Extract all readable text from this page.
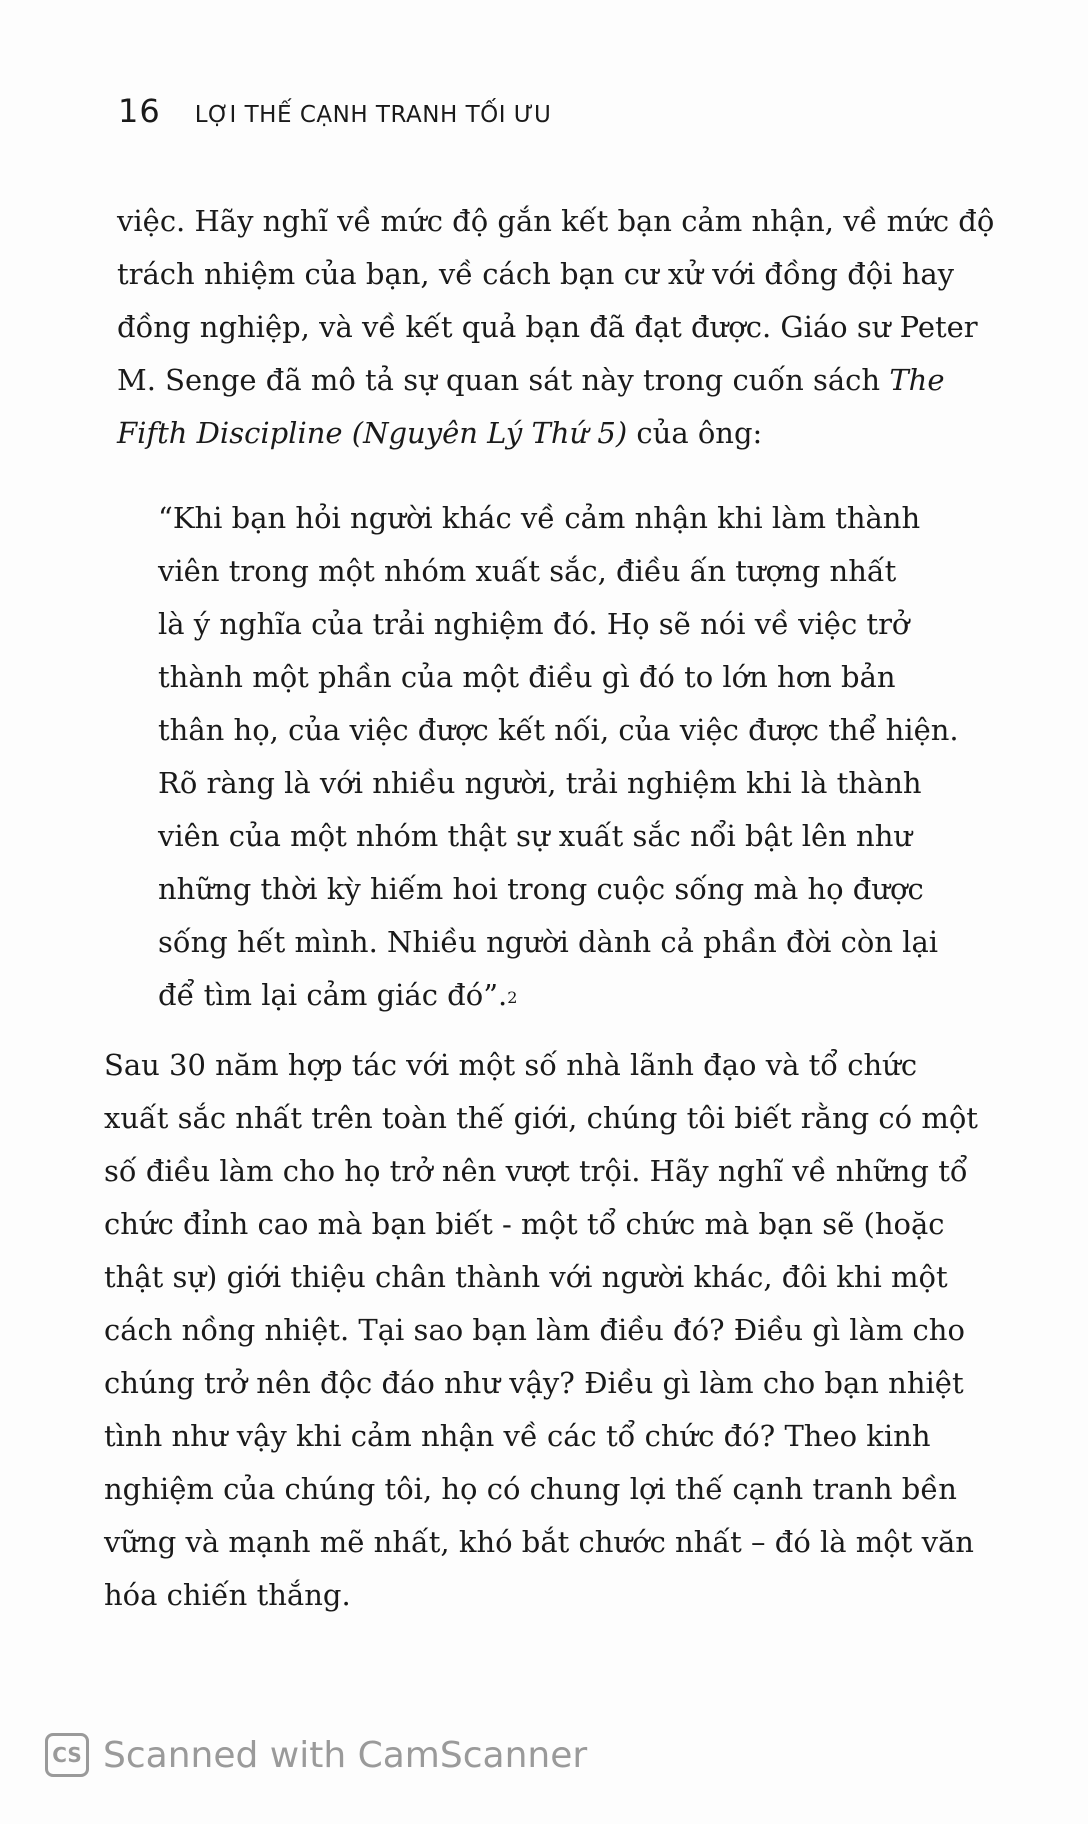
16 LỢI THẾ CẠNH TRANH TỐI ƯU

việc. Hãy nghĩ về mức độ gắn kết bạn cảm nhận, về mức độ
trách nhiệm của bạn, về cách bạn cư xử với đồng đội hay
đồng nghiệp, và về kết quả bạn đã đạt được. Giáo sư Peter
M. Senge đã mô tả sự quan sát này trong cuốn sách The
Fifth Discipline (Nguyên Lý Thứ 5) của ông:

“Khi bạn hỏi người khác về cảm nhận khi làm thành
viên trong một nhóm xuất sắc, điều ấn tượng nhất
là ý nghĩa của trải nghiệm đó. Họ sẽ nói về việc trở
thành một phần của một điều gì đó to lớn hơn bản
thân họ, của việc được kết nối, của việc được thể hiện.
Rõ ràng là với nhiều người, trải nghiệm khi là thành
viên của một nhóm thật sự xuất sắc nổi bật lên như
những thời kỳ hiếm hoi trong cuộc sống mà họ được
sống hết mình. Nhiều người dành cả phần đời còn lại
để tìm lại cảm giác đó”.$^2$

Sau 30 năm hợp tác với một số nhà lãnh đạo và tổ chức
xuất sắc nhất trên toàn thế giới, chúng tôi biết rằng có một
số điều làm cho họ trở nên vượt trội. Hãy nghĩ về những tổ
chức đỉnh cao mà bạn biết - một tổ chức mà bạn sẽ (hoặc
thật sự) giới thiệu chân thành với người khác, đôi khi một
cách nồng nhiệt. Tại sao bạn làm điều đó? Điều gì làm cho
chúng trở nên độc đáo như vậy? Điều gì làm cho bạn nhiệt
tình như vậy khi cảm nhận về các tổ chức đó? Theo kinh
nghiệm của chúng tôi, họ có chung lợi thế cạnh tranh bền
vững và mạnh mẽ nhất, khó bắt chước nhất – đó là một văn
hóa chiến thắng.

CS Scanned with CamScanner
